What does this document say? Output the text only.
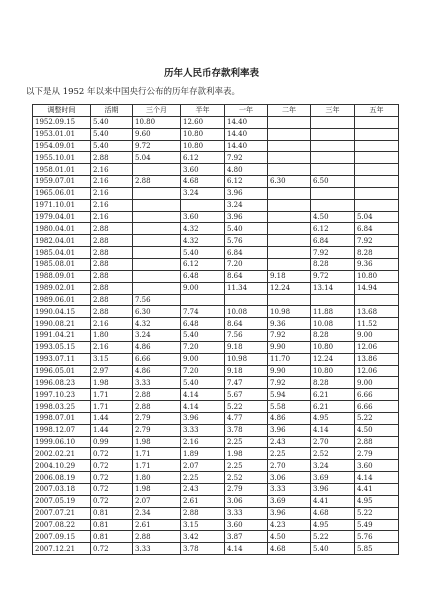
历年人民币存款利率表
以下是从 1952 年以来中国央行公布的历年存款利率表。
调整时间	活期	三个月	半年	一年	二年	三年	五年
1952.09.15	5.40	10.80	12.60	14.40			
1953.01.01	5.40	9.60	10.80	14.40			
1954.09.01	5.40	9.72	10.80	14.40			
1955.10.01	2.88	5.04	6.12	7.92			
1958.01.01	2.16		3.60	4.80			
1959.07.01	2.16	2.88	4.68	6.12	6.30	6.50	
1965.06.01	2.16		3.24	3.96			
1971.10.01	2.16			3.24			
1979.04.01	2.16		3.60	3.96		4.50	5.04
1980.04.01	2.88		4.32	5.40		6.12	6.84
1982.04.01	2.88		4.32	5.76		6.84	7.92
1985.04.01	2.88		5.40	6.84		7.92	8.28
1985.08.01	2.88		6.12	7.20		8.28	9.36
1988.09.01	2.88		6.48	8.64	9.18	9.72	10.80
1989.02.01	2.88		9.00	11.34	12.24	13.14	14.94
1989.06.01	2.88	7.56					
1990.04.15	2.88	6.30	7.74	10.08	10.98	11.88	13.68
1990.08.21	2.16	4.32	6.48	8.64	9.36	10.08	11.52
1991.04.21	1.80	3.24	5.40	7.56	7.92	8.28	9.00
1993.05.15	2.16	4.86	7.20	9.18	9.90	10.80	12.06
1993.07.11	3.15	6.66	9.00	10.98	11.70	12.24	13.86
1996.05.01	2.97	4.86	7.20	9.18	9.90	10.80	12.06
1996.08.23	1.98	3.33	5.40	7.47	7.92	8.28	9.00
1997.10.23	1.71	2.88	4.14	5.67	5.94	6.21	6.66
1998.03.25	1.71	2.88	4.14	5.22	5.58	6.21	6.66
1998.07.01	1.44	2.79	3.96	4.77	4.86	4.95	5.22
1998.12.07	1.44	2.79	3.33	3.78	3.96	4.14	4.50
1999.06.10	0.99	1.98	2.16	2.25	2.43	2.70	2.88
2002.02.21	0.72	1.71	1.89	1.98	2.25	2.52	2.79
2004.10.29	0.72	1.71	2.07	2.25	2.70	3.24	3.60
2006.08.19	0.72	1.80	2.25	2.52	3.06	3.69	4.14
2007.03.18	0.72	1.98	2.43	2.79	3.33	3.96	4.41
2007.05.19	0.72	2.07	2.61	3.06	3.69	4.41	4.95
2007.07.21	0.81	2.34	2.88	3.33	3.96	4.68	5.22
2007.08.22	0.81	2.61	3.15	3.60	4.23	4.95	5.49
2007.09.15	0.81	2.88	3.42	3.87	4.50	5.22	5.76
2007.12.21	0.72	3.33	3.78	4.14	4.68	5.40	5.85
